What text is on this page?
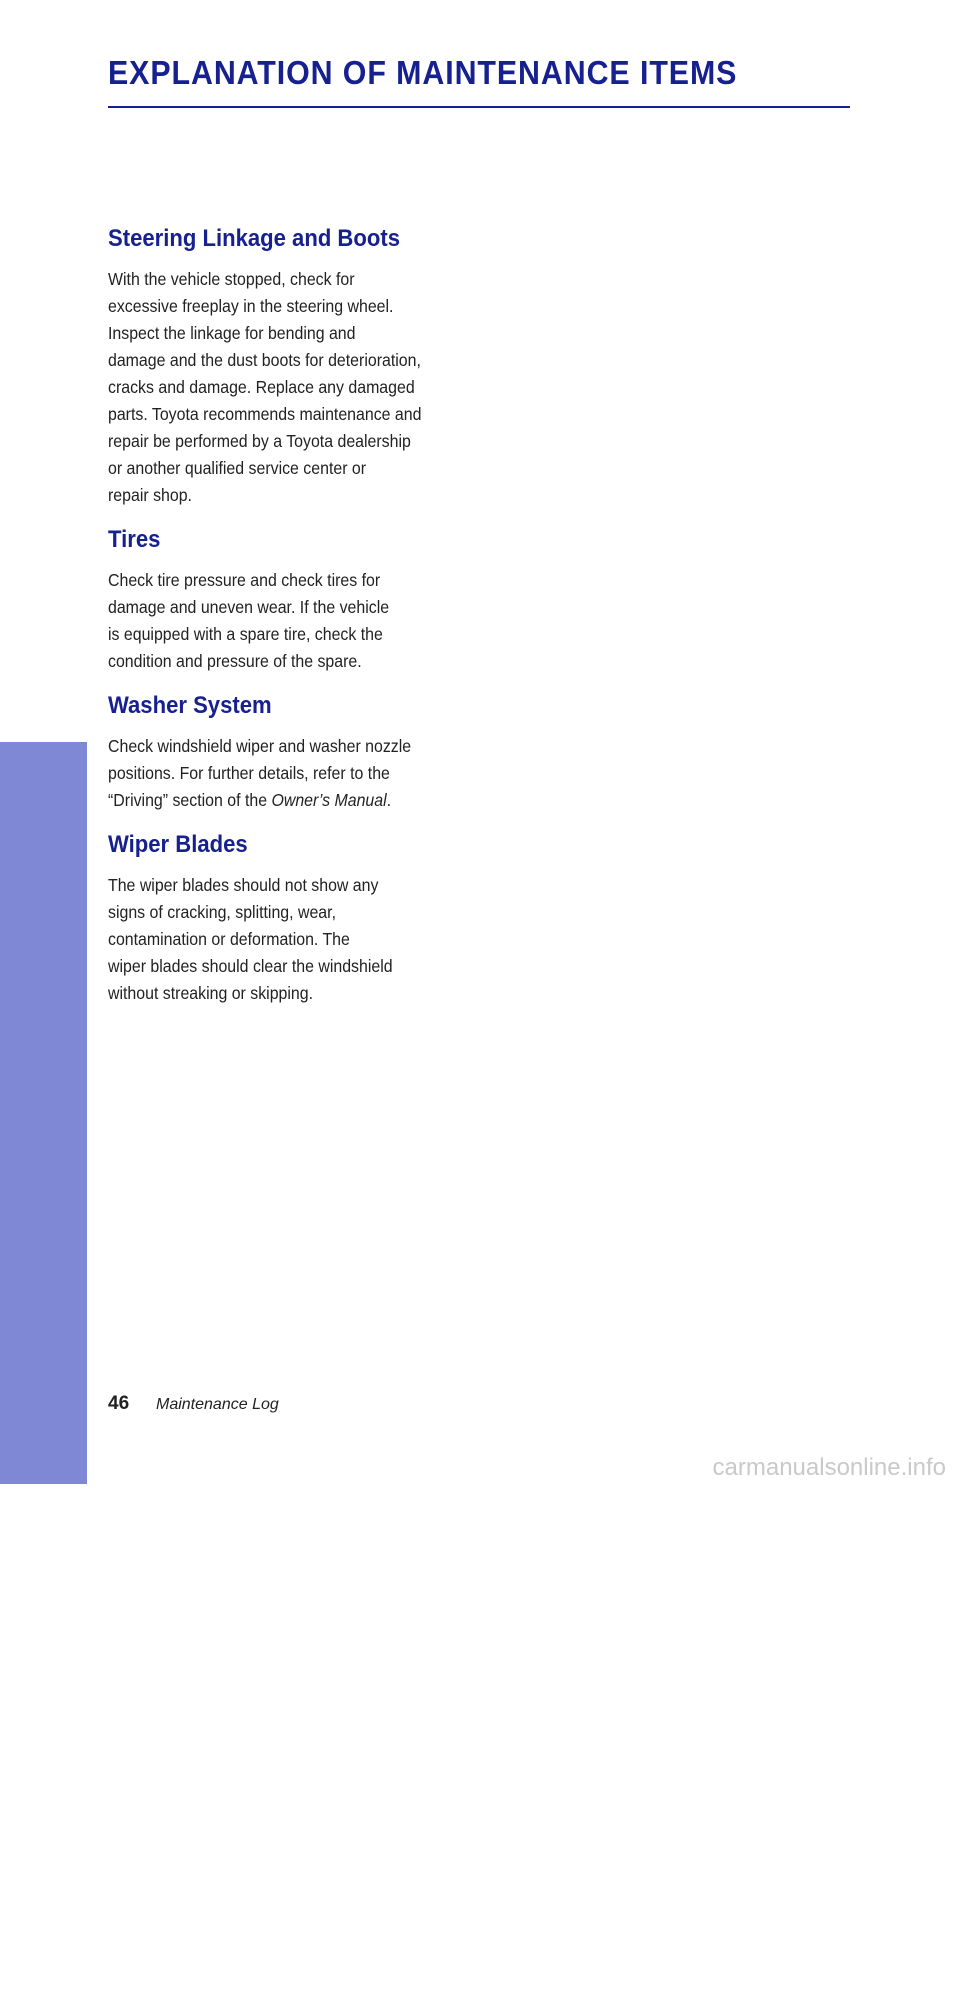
EXPLANATION OF MAINTENANCE ITEMS
MAINTENANCE
Steering Linkage and Boots

With the vehicle stopped, check for
excessive freeplay in the steering wheel.
Inspect the linkage for bending and
damage and the dust boots for deterioration,
cracks and damage. Replace any damaged
parts. Toyota recommends maintenance and
repair be performed by a Toyota dealership
or another qualified service center or
repair shop.

Tires

Check tire pressure and check tires for
damage and uneven wear. If the vehicle
is equipped with a spare tire, check the
condition and pressure of the spare.

Washer System

Check windshield wiper and washer nozzle
positions. For further details, refer to the
“Driving” section of the Owner’s Manual.

Wiper Blades

The wiper blades should not show any
signs of cracking, splitting, wear,
contamination or deformation. The
wiper blades should clear the windshield
without streaking or skipping.

46 Maintenance Log
carmanualsonline.info
